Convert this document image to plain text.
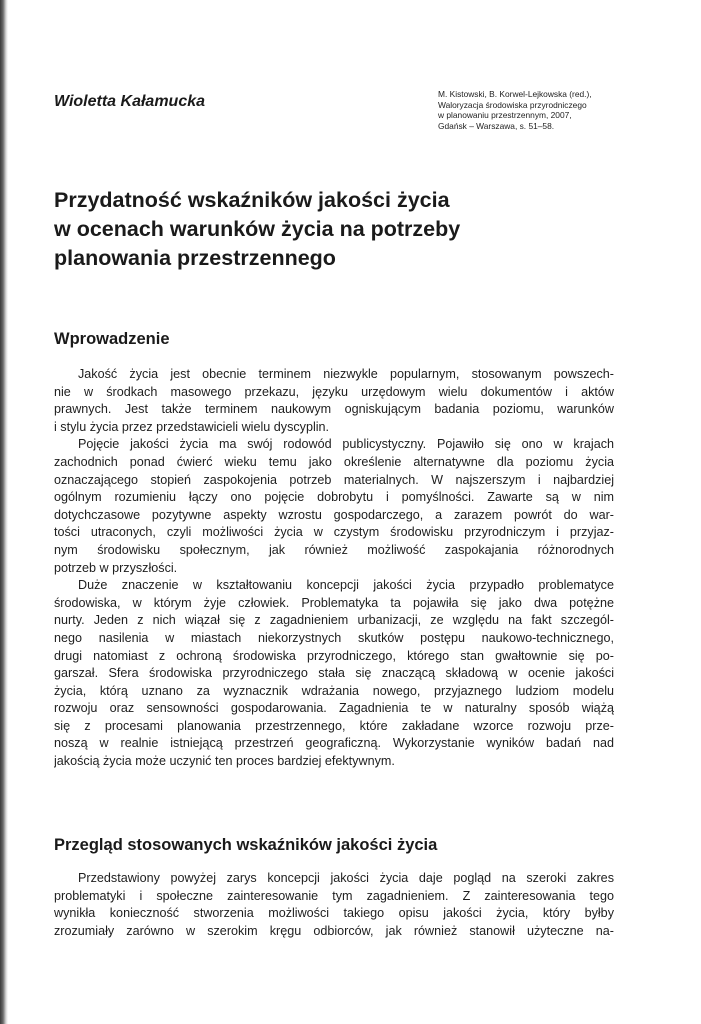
Wioletta Kałamucka	M. Kistowski, B. Korwel-Lejkowska (red.),
Waloryzacja środowiska przyrodniczego
w planowaniu przestrzennym, 2007,
Gdańsk – Warszawa, s. 51–58.
Przydatność wskaźników jakości życia
w ocenach warunków życia na potrzeby
planowania przestrzennego
Wprowadzenie
Jakość życia jest obecnie terminem niezwykle popularnym, stosowanym powszech-
nie w środkach masowego przekazu, języku urzędowym wielu dokumentów i aktów
prawnych. Jest także terminem naukowym ogniskującym badania poziomu, warunków
i stylu życia przez przedstawicieli wielu dyscyplin.
Pojęcie jakości życia ma swój rodowód publicystyczny. Pojawiło się ono w krajach
zachodnich ponad ćwierć wieku temu jako określenie alternatywne dla poziomu życia
oznaczającego stopień zaspokojenia potrzeb materialnych. W najszerszym i najbardziej
ogólnym rozumieniu łączy ono pojęcie dobrobytu i pomyślności. Zawarte są w nim
dotychczasowe pozytywne aspekty wzrostu gospodarczego, a zarazem powrót do war-
tości utraconych, czyli możliwości życia w czystym środowisku przyrodniczym i przyjaz-
nym środowisku społecznym, jak również możliwość zaspokajania różnorodnych
potrzeb w przyszłości.
Duże znaczenie w kształtowaniu koncepcji jakości życia przypadło problematyce
środowiska, w którym żyje człowiek. Problematyka ta pojawiła się jako dwa potężne
nurty. Jeden z nich wiązał się z zagadnieniem urbanizacji, ze względu na fakt szczegól-
nego nasilenia w miastach niekorzystnych skutków postępu naukowo-technicznego,
drugi natomiast z ochroną środowiska przyrodniczego, którego stan gwałtownie się po-
garszał. Sfera środowiska przyrodniczego stała się znaczącą składową w ocenie jakości
życia, którą uznano za wyznacznik wdrażania nowego, przyjaznego ludziom modelu
rozwoju oraz sensowności gospodarowania. Zagadnienia te w naturalny sposób wiążą
się z procesami planowania przestrzennego, które zakładane wzorce rozwoju prze-
noszą w realnie istniejącą przestrzeń geograficzną. Wykorzystanie wyników badań nad
jakością życia może uczynić ten proces bardziej efektywnym.
Przegląd stosowanych wskaźników jakości życia
Przedstawiony powyżej zarys koncepcji jakości życia daje pogląd na szeroki zakres
problematyki i społeczne zainteresowanie tym zagadnieniem. Z zainteresowania tego
wynikła konieczność stworzenia możliwości takiego opisu jakości życia, który byłby
zrozumiały zarówno w szerokim kręgu odbiorców, jak również stanowił użyteczne na-
